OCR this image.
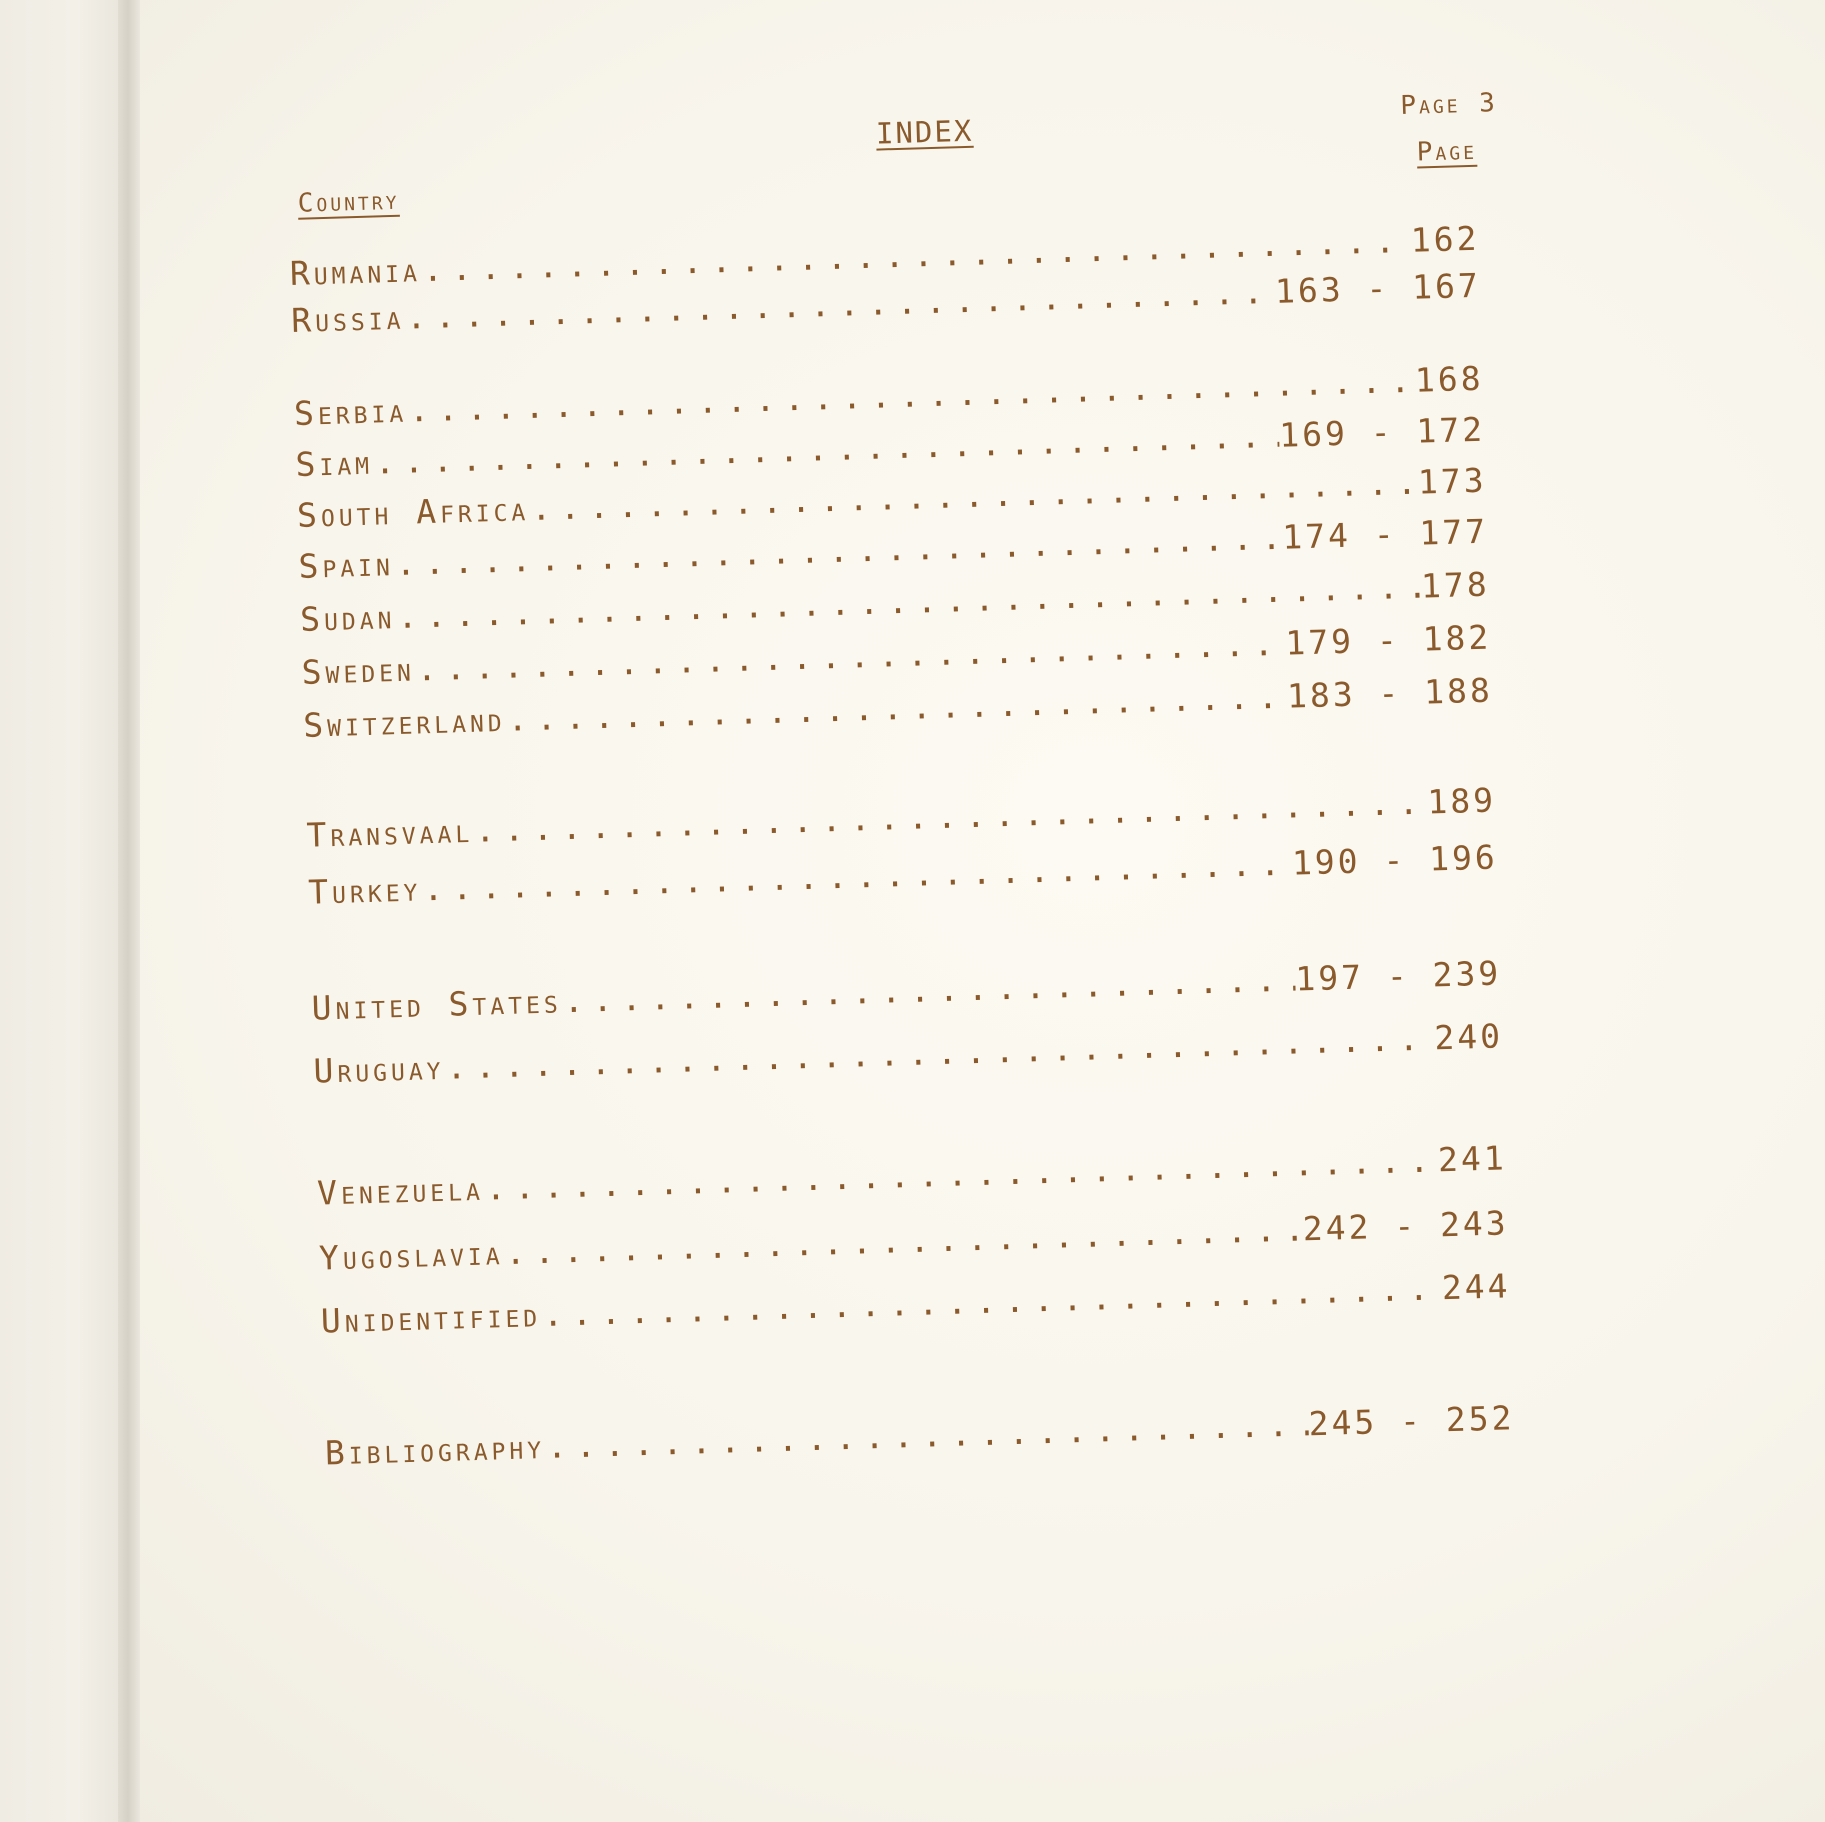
INDEX
Page 3
Country
Page
Rumania
.....
162
Russia
.....
163 - 167
Serbia
.....
168
Siam
.....
169 - 172
South Africa
.....
173
Spain
.....
174 - 177
Sudan
.....
178
Sweden
.....
179 - 182
Switzerland
.....
183 - 188
Transvaal
.....
189
Turkey
.....
190 - 196
United States
.....
197 - 239
Uruguay
.....
240
Venezuela
.....
241
Yugoslavia
.....
242 - 243
Unidentified
.....
244
Bibliography
.....
245 - 252
